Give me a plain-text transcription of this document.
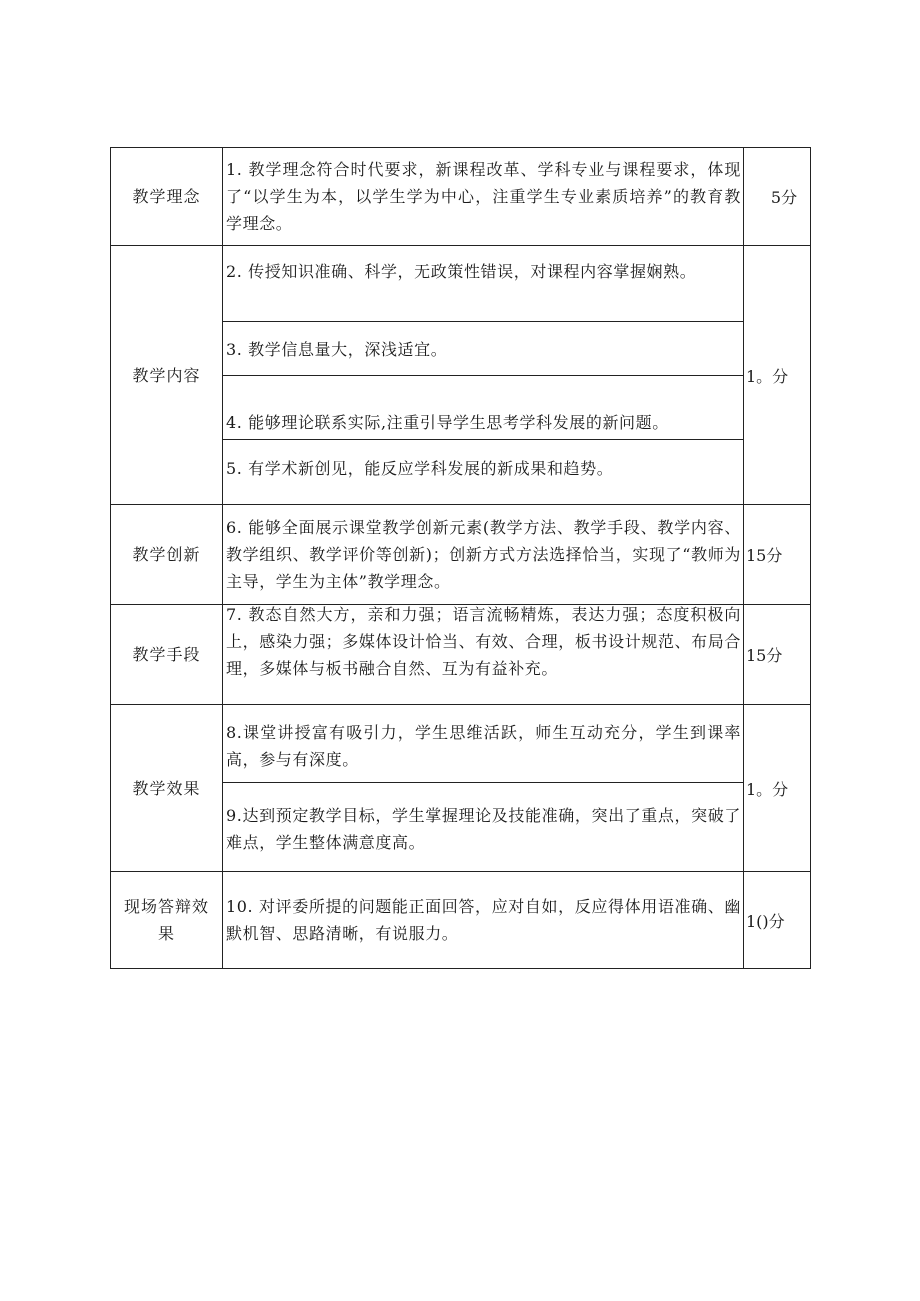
教学理念
1. 教学理念符合时代要求，新课程改革、学科专业与课程要求，体现了“以学生为本，以学生学为中心，注重学生专业素质培养”的教育教学理念。
5分
教学内容
2. 传授知识准确、科学，无政策性错误，对课程内容掌握娴熟。
3. 教学信息量大，深浅适宜。
4. 能够理论联系实际,注重引导学生思考学科发展的新问题。
5. 有学术新创见，能反应学科发展的新成果和趋势。
1。分
教学创新
6. 能够全面展示课堂教学创新元素(教学方法、教学手段、教学内容、教学组织、教学评价等创新)；创新方式方法选择恰当，实现了“教师为主导，学生为主体”教学理念。
15分
教学手段
7. 教态自然大方，亲和力强；语言流畅精炼，表达力强；态度积极向上，感染力强；多媒体设计恰当、有效、合理，板书设计规范、布局合理，多媒体与板书融合自然、互为有益补充。
15分
教学效果
8.课堂讲授富有吸引力，学生思维活跃，师生互动充分，学生到课率高，参与有深度。
9.达到预定教学目标，学生掌握理论及技能准确，突出了重点，突破了难点，学生整体满意度高。
1。分
现场答辩效果
10. 对评委所提的问题能正面回答，应对自如，反应得体用语准确、幽默机智、思路清晰，有说服力。
1()分
